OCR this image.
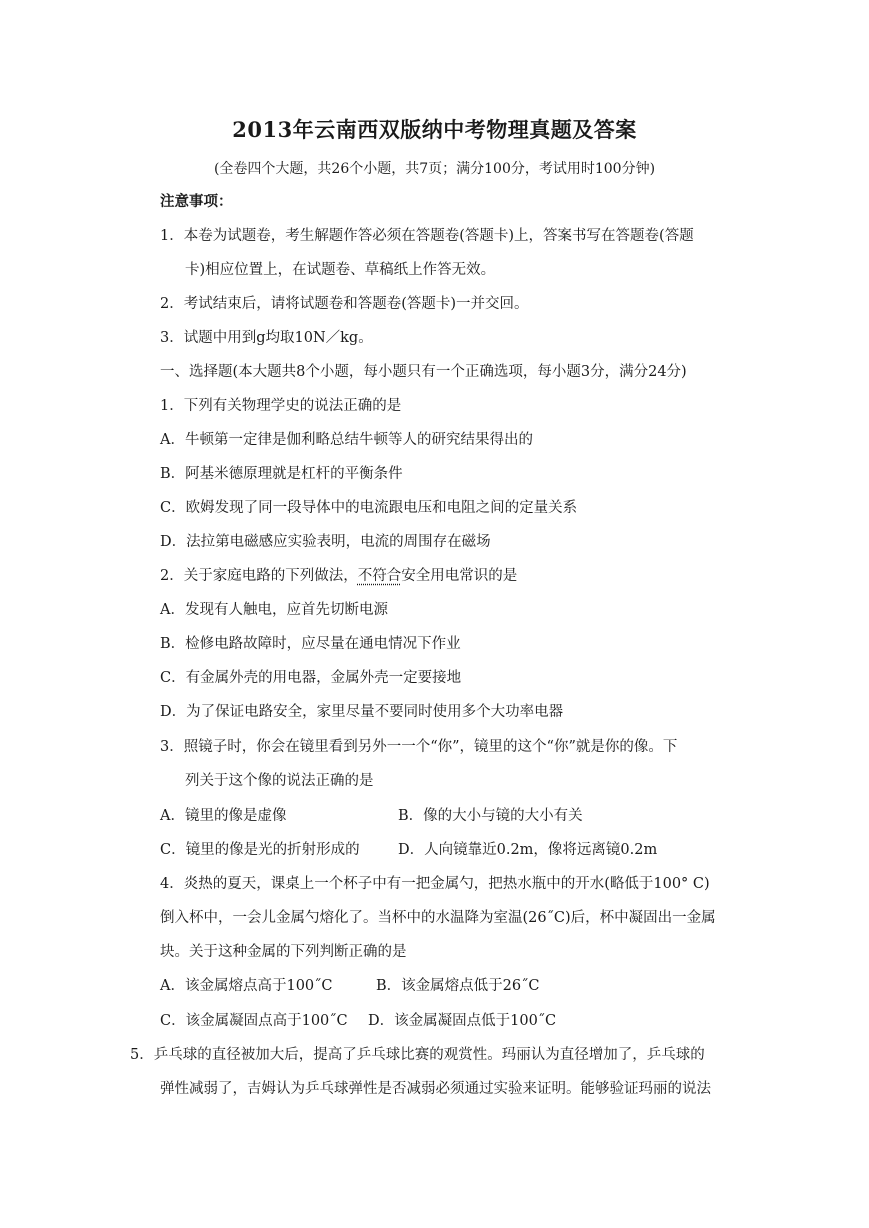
2013年云南西双版纳中考物理真题及答案
(全卷四个大题，共26个小题，共7页；满分100分，考试用时100分钟)
注意事项：
1．本卷为试题卷，考生解题作答必须在答题卷(答题卡)上，答案书写在答题卷(答题
卡)相应位置上，在试题卷、草稿纸上作答无效。
2．考试结束后，请将试题卷和答题卷(答题卡)一并交回。
3．试题中用到g均取10N／kg。
一、选择题(本大题共8个小题，每小题只有一个正确选项，每小题3分，满分24分)
1．下列有关物理学史的说法正确的是
A．牛顿第一定律是伽利略总结牛顿等人的研究结果得出的
B．阿基米德原理就是杠杆的平衡条件
C．欧姆发现了同一段导体中的电流跟电压和电阻之间的定量关系
D．法拉第电磁感应实验表明，电流的周围存在磁场
2．关于家庭电路的下列做法，不符合安全用电常识的是
A．发现有人触电，应首先切断电源
B．检修电路故障时，应尽量在通电情况下作业
C．有金属外壳的用电器，金属外壳一定要接地
D．为了保证电路安全，家里尽量不要同时使用多个大功率电器
3．照镜子时，你会在镜里看到另外一一个“你”，镜里的这个“你”就是你的像。下
列关于这个像的说法正确的是
A．镜里的像是虚像	B．像的大小与镜的大小有关
C．镜里的像是光的折射形成的	D．人向镜靠近0.2m，像将远离镜0.2m
4．炎热的夏天，课桌上一个杯子中有一把金属勺，把热水瓶中的开水(略低于100° C)
倒入杯中，一会儿金属勺熔化了。当杯中的水温降为室温(26˝C)后，杯中凝固出一金属
块。关于这种金属的下列判断正确的是
A．该金属熔点高于100˝C	B．该金属熔点低于26˝C
C．该金属凝固点高于100˝C D．该金属凝固点低于100˝C
5．乒乓球的直径被加大后，提高了乒乓球比赛的观赏性。玛丽认为直径增加了，乒乓球的
弹性减弱了，吉姆认为乒乓球弹性是否减弱必须通过实验来证明。能够验证玛丽的说法
